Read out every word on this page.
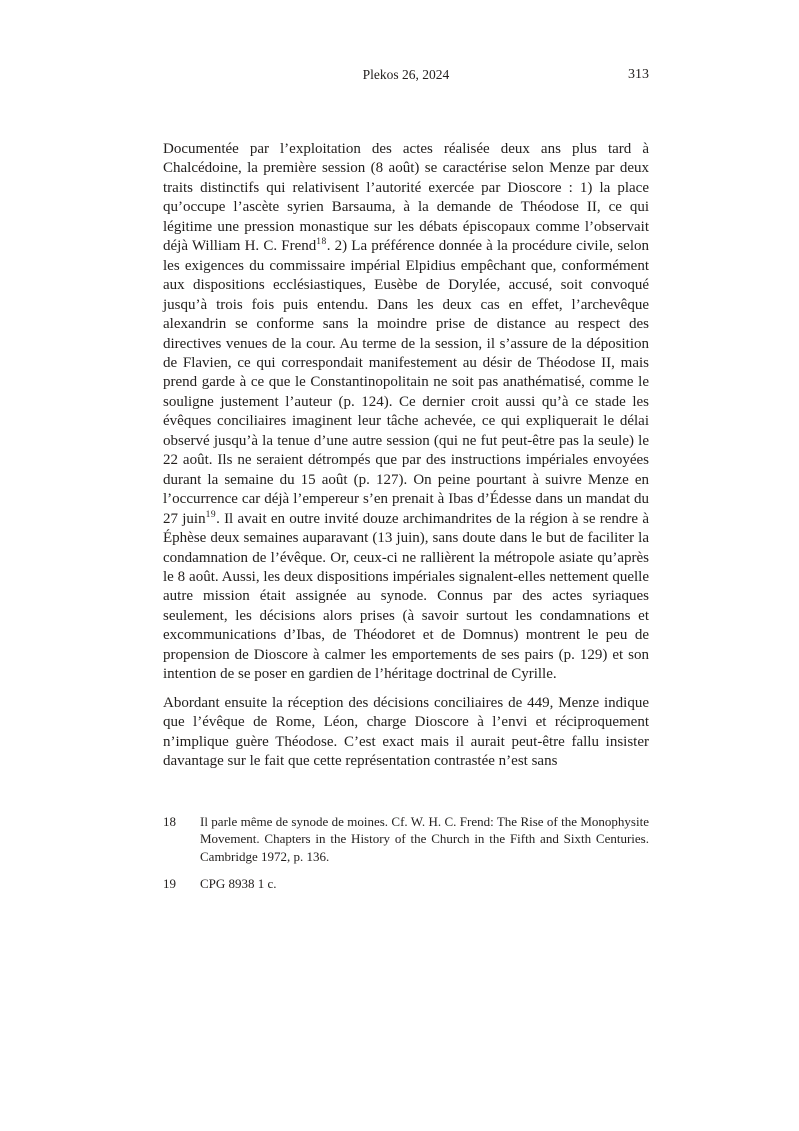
Plekos 26, 2024	313

Documentée par l’exploitation des actes réalisée deux ans plus tard à Chalcédoine, la première session (8 août) se caractérise selon Menze par deux traits distinctifs qui relativisent l’autorité exercée par Dioscore : 1) la place qu’occupe l’ascète syrien Barsauma, à la demande de Théodose II, ce qui légitime une pression monastique sur les débats épiscopaux comme l’observait déjà William H. C. Frend$^{18}$. 2) La préférence donnée à la procédure civile, selon les exigences du commissaire impérial Elpidius empêchant que, conformément aux dispositions ecclésiastiques, Eusèbe de Dorylée, accusé, soit convoqué jusqu’à trois fois puis entendu. Dans les deux cas en effet, l’archevêque alexandrin se conforme sans la moindre prise de distance au respect des directives venues de la cour. Au terme de la session, il s’assure de la déposition de Flavien, ce qui correspondait manifestement au désir de Théodose II, mais prend garde à ce que le Constantinopolitain ne soit pas anathématisé, comme le souligne justement l’auteur (p. 124). Ce dernier croit aussi qu’à ce stade les évêques conciliaires imaginent leur tâche achevée, ce qui expliquerait le délai observé jusqu’à la tenue d’une autre session (qui ne fut peut-être pas la seule) le 22 août. Ils ne seraient détrompés que par des instructions impériales envoyées durant la semaine du 15 août (p. 127). On peine pourtant à suivre Menze en l’occurrence car déjà l’empereur s’en prenait à Ibas d’Édesse dans un mandat du 27 juin$^{19}$. Il avait en outre invité douze archimandrites de la région à se rendre à Éphèse deux semaines auparavant (13 juin), sans doute dans le but de faciliter la condamnation de l’évêque. Or, ceux-ci ne rallièrent la métropole asiate qu’après le 8 août. Aussi, les deux dispositions impériales signalent-elles nettement quelle autre mission était assignée au synode. Connus par des actes syriaques seulement, les décisions alors prises (à savoir surtout les condamnations et excommunications d’Ibas, de Théodoret et de Domnus) montrent le peu de propension de Dioscore à calmer les emportements de ses pairs (p. 129) et son intention de se poser en gardien de l’héritage doctrinal de Cyrille.

Abordant ensuite la réception des décisions conciliaires de 449, Menze indique que l’évêque de Rome, Léon, charge Dioscore à l’envi et réciproquement n’implique guère Théodose. C’est exact mais il aurait peut-être fallu insister davantage sur le fait que cette représentation contrastée n’est sans

18	Il parle même de synode de moines. Cf. W. H. C. Frend: The Rise of the Monophysite Movement. Chapters in the History of the Church in the Fifth and Sixth Centuries. Cambridge 1972, p. 136.
19	CPG 8938 1 c.
